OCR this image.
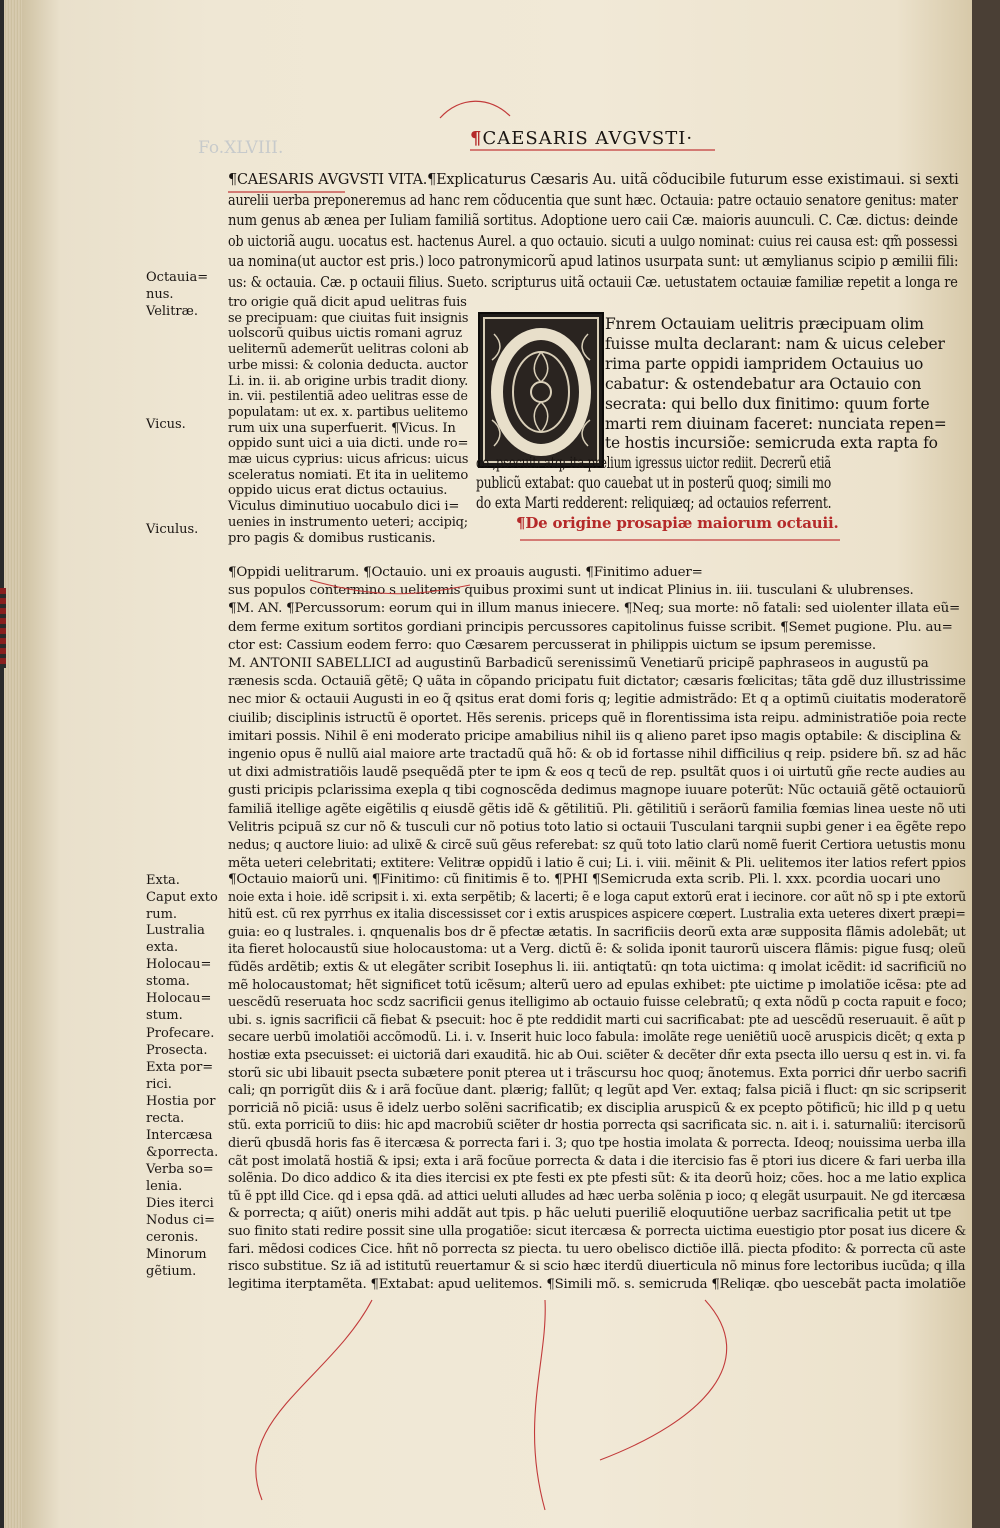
Fo.XLVIII.	¶CAESARIS AVGVSTI·
¶CAESARIS AVGVSTI VITA.¶Explicaturus Cæsaris Au. uitã cõducibile futurum esse existimaui. si sexti
aurelii uerba preponeremus ad hanc rem cõducentia que sunt hæc. Octauia: patre octauio senatore genitus: mater
num genus ab ænea per Iuliam familiã sortitus. Adoptione uero caii Cæ. maioris auunculi. C. Cæ. dictus: deinde
ob uictoriã augu. uocatus est. hactenus Aurel. a quo octauio. sicuti a uulgo nominat: cuius rei causa est: qm̃ possessi
ua nomina(ut auctor est pris.) loco patronymicorũ apud latinos usurpata sunt: ut æmylianus scipio p æmilii fili:
us: & octauia. Cæ. p octauii filius. Sueto. scripturus uitã octauii Cæ. uetustatem octauiæ familiæ repetit a longa re
tro origie quã dicit apud uelitras fuis
se precipuam: que ciuitas fuit insignis
uolscorũ quibus uictis romani agruz
ueliternũ ademerũt uelitras coloni ab
urbe missi: & colonia deducta. auctor
Li. in. ii. ab origine urbis tradit diony.
in. vii. pestilentiã adeo uelitras esse de
populatam: ut ex. x. partibus uelitemo
rum uix una superfuerit. ¶Vicus. In
oppido sunt uici a uia dicti. unde ro=
mæ uicus cyprius: uicus africus: uicus
sceleratus nomiati. Et ita in uelitemo
oppido uicus erat dictus octauius.
Viculus diminutiuo uocabulo dici i=
uenies in instrumento ueteri; accipiq;
pro pagis & domibus rusticanis.
Fnrem Octauiam uelitris præcipuam olim
fuisse multa declarant: nam & uicus celeber
rima parte oppidi iampridem Octauius uo
cabatur: & ostendebatur ara Octauio con
secrata: qui bello dux finitimo: quum forte
marti rem diuinam faceret: nunciata repen=
te hostis incursiõe: semicruda exta rapta fo
co ,psecuit: atq; ita prelium igressus uictor rediit. Decrerũ etiã
publicũ extabat: quo cauebat ut in posterũ quoq; simili mo
do exta Marti redderent: reliquiæq; ad octauios referrent.
¶De origine prosapiæ maiorum octauii.
¶Oppidi uelitrarum. ¶Octauio. uni ex proauis augusti. ¶Finitimo aduer=
sus populos contermino s uelitemis quibus proximi sunt ut indicat Plinius in. iii. tusculani & ulubrenses.
¶M. AN. ¶Percussorum: eorum qui in illum manus iniecere. ¶Neq; sua morte: nõ fatali: sed uiolenter illata eũ=
dem ferme exitum sortitos gordiani principis percussores capitolinus fuisse scribit. ¶Semet pugione. Plu. au=
ctor est: Cassium eodem ferro: quo Cæsarem percusserat in philippis uictum se ipsum peremisse.
M. ANTONII SABELLICI ad augustinũ Barbadicũ serenissimũ Venetiarũ pricipẽ paphraseos in augustũ pa
rænesis scda. Octauiã gẽtẽ; Q uãta in cõpando pricipatu fuit dictator; cæsaris fœlicitas; tãta gdẽ duz illustrissime
nec mior & octauii Augusti in eo q̃ qsitus erat domi foris q; legitie admistrãdo: Et q a optimũ ciuitatis moderatorẽ
ciuilib; disciplinis istructũ ẽ oportet. Hẽs serenis. priceps quẽ in florentissima ista reipu. administratiõe poia recte
imitari possis. Nihil ẽ eni moderato pricipe amabilius nihil iis q alieno paret ipso magis optabile: & disciplina &
ingenio opus ẽ nullũ aial maiore arte tractadũ quã hõ: & ob id fortasse nihil difficilius q reip. psidere bñ. sz ad hãc
ut dixi admistratiõis laudẽ psequẽdã pter te ipm & eos q tecũ de rep. psultãt quos i oi uirtutũ gñe recte audies au
gusti pricipis pclarissima exepla q tibi cognoscẽda dedimus magnope iuuare poterũt: Nũc octauiã gẽtẽ octauiorũ
familiã itellige agẽte eigẽtilis q eiusdẽ gẽtis idẽ & gẽtilitiũ. Pli. gẽtilitiũ i serãorũ familia fœmias linea ueste nõ uti
Velitris pcipuã sz cur nõ & tusculi cur nõ potius toto latio si octauii Tusculani tarqnii supbi gener i ea ẽgẽte repo
nedus; q auctore liuio: ad ulixẽ & circẽ suũ gẽus referebat: sz quũ toto latio clarũ nomẽ fuerit Certiora uetustis monu
mẽta ueteri celebritati; extitere: Velitræ oppidũ i latio ẽ cui; Li. i. viii. mẽinit & Pli. uelitemos iter latios refert ppios
¶Octauio maiorũ uni. ¶Finitimo: cũ finitimis ẽ to. ¶PHI ¶Semicruda exta scrib. Pli. l. xxx. pcordia uocari uno
noie exta i hoie. idẽ scripsit i. xi. exta serpẽtib; & lacerti; ẽ e loga caput extorũ erat i iecinore. cor aũt nõ sp i pte extorũ
hitũ est. cũ rex pyrrhus ex italia discessisset cor i extis aruspices aspicere cœpert. Lustralia exta ueteres dixert præpi=
guia: eo q lustrales. i. qnquenalis bos dr ẽ pfectæ ætatis. In sacrificiis deorũ exta aræ supposita flãmis adolebãt; ut
ita fieret holocaustũ siue holocaustoma: ut a Verg. dictũ ẽ: & solida iponit taurorũ uiscera flãmis: pigue fusq; oleũ
fũdẽs ardẽtib; extis & ut elegãter scribit Iosephus li. iii. antiqtatũ: qn tota uictima: q imolat icẽdit: id sacrificiũ no
mẽ holocaustomat; hẽt significet totũ icẽsum; alterũ uero ad epulas exhibet: pte uictime p imolatiõe icẽsa: pte ad
uescẽdũ reseruata hoc scdz sacrificii genus itelligimo ab octauio fuisse celebratũ; q exta nõdũ p cocta rapuit e foco;
ubi. s. ignis sacrificii cã fiebat & psecuit: hoc ẽ pte reddidit marti cui sacrificabat: pte ad uescẽdũ reseruauit. ẽ aũt p
secare uerbũ imolatiõi accõmodũ. Li. i. v. Inserit huic loco fabula: imolãte rege ueniẽtiũ uocẽ aruspicis dicẽt; q exta p
hostiæ exta psecuisset: ei uictoriã dari exauditã. hic ab Oui. sciẽter & decẽter dñr exta psecta illo uersu q est in. vi. fa
storũ sic ubi libauit psecta subætere ponit pterea ut i trãscursu hoc quoq; ãnotemus. Exta porrici dñr uerbo sacrifi
cali; qn porrigũt diis & i arã focũue dant. plærig; fallũt; q legũt apd Ver. extaq; falsa piciã i fluct: qn sic scripserit
porriciã nõ piciã: usus ẽ idelz uerbo solẽni sacrificatib; ex disciplia aruspicũ & ex pcepto põtificũ; hic illd p q uetu
stũ. exta porriciũ to diis: hic apd macrobiũ sciẽter dr hostia porrecta qsi sacrificata sic. n. ait i. i. saturnaliũ: itercisorũ
dierũ qbusdã horis fas ẽ itercæsa & porrecta fari i. 3; quo tpe hostia imolata & porrecta. Ideoq; nouissima uerba illa
cãt post imolatã hostiã & ipsi; exta i arã focũue porrecta & data i die itercisio fas ẽ ptori ius dicere & fari uerba illa
solẽnia. Do dico addico & ita dies itercisi ex pte festi ex pte pfesti sũt: & ita deorũ hoiz; cões. hoc a me latio explica
tũ ẽ ppt illd Cice. qd i epsa qdã. ad attici ueluti alludes ad hæc uerba solẽnia p ioco; q elegãt usurpauit. Ne gd itercæsa
& porrecta; q aiũt) oneris mihi addãt aut tpis. p hãc ueluti pueriliẽ eloquutiõne uerbaz sacrificalia petit ut tpe
suo finito stati redire possit sine ulla progatiõe: sicut itercæsa & porrecta uictima euestigio ptor posat ius dicere &
fari. mẽdosi codices Cice. hñt nõ porrecta sz piecta. tu uero obelisco dictiõe illã. piecta pfodito: & porrecta cũ aste
risco substitue. Sz iã ad istitutũ reuertamur & si scio hæc iterdũ diuerticula nõ minus fore lectoribus iucũda; q illa
legitima iterptamẽta. ¶Extabat: apud uelitemos. ¶Simili mõ. s. semicruda ¶Reliqæ. qbo uescebãt pacta imolatiõe
Octauia=
nus.
Velitræ.
Vicus.
Viculus.
Exta.
Caput exto
rum.
Lustralia
exta.
Holocau=
stoma.
Holocau=
stum.
Profecare.
Prosecta.
Exta por=
rici.
Hostia por
recta.
Intercæsa
&porrecta.
Verba so=
lenia.
Dies iterci
Nodus ci=
ceronis.
Minorum
gẽtium.
